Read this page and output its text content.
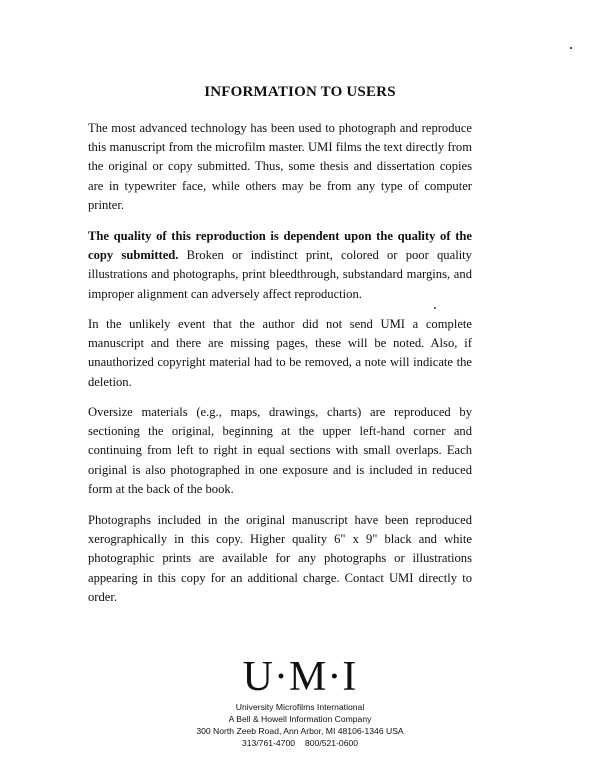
INFORMATION TO USERS

The most advanced technology has been used to photograph and reproduce this manuscript from the microfilm master. UMI films the text directly from the original or copy submitted. Thus, some thesis and dissertation copies are in typewriter face, while others may be from any type of computer printer.

The quality of this reproduction is dependent upon the quality of the copy submitted. Broken or indistinct print, colored or poor quality illustrations and photographs, print bleedthrough, substandard margins, and improper alignment can adversely affect reproduction.

In the unlikely event that the author did not send UMI a complete manuscript and there are missing pages, these will be noted. Also, if unauthorized copyright material had to be removed, a note will indicate the deletion.

Oversize materials (e.g., maps, drawings, charts) are reproduced by sectioning the original, beginning at the upper left-hand corner and continuing from left to right in equal sections with small overlaps. Each original is also photographed in one exposure and is included in reduced form at the back of the book.

Photographs included in the original manuscript have been reproduced xerographically in this copy. Higher quality 6" x 9" black and white photographic prints are available for any photographs or illustrations appearing in this copy for an additional charge. Contact UMI directly to order.

U·M·I
University Microfilms International
A Bell & Howell Information Company
300 North Zeeb Road, Ann Arbor, MI 48106-1346 USA
313/761-4700 800/521-0600
